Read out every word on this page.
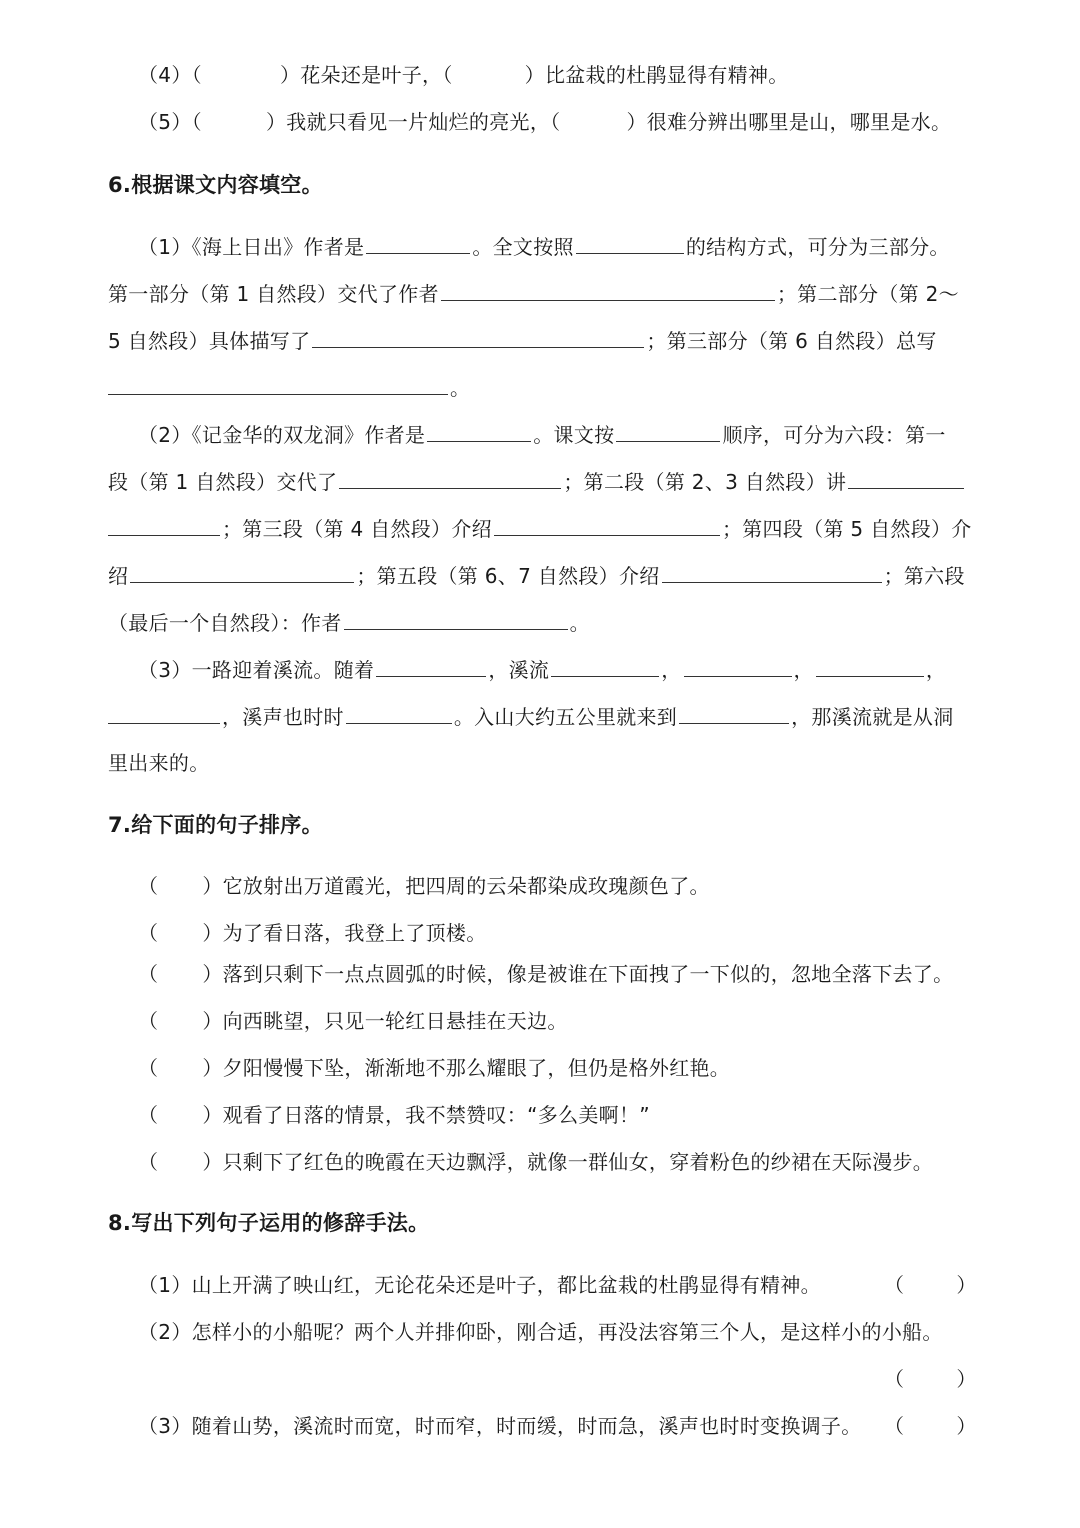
（4）（	）花朵还是叶子，（	）比盆栽的杜鹃显得有精神。
（5）（	）我就只看见一片灿烂的亮光，（	）很难分辨出哪里是山，哪里是水。
6.根据课文内容填空。
（1）《海上日出》作者是	。全文按照	的结构方式，可分为三部分。
第一部分（第 1 自然段）交代了作者	；第二部分（第 2～
5 自然段）具体描写了	；第三部分（第 6 自然段）总写
。
（2）《记金华的双龙洞》作者是	。课文按	顺序，可分为六段：第一
段（第 1 自然段）交代了	；第二段（第 2、3 自然段）讲
；第三段（第 4 自然段）介绍	；第四段（第 5 自然段）介
绍	；第五段（第 6、7 自然段）介绍	；第六段
（最后一个自然段）：作者	。
（3）一路迎着溪流。随着	，溪流	，	，	，
，溪声也时时	。入山大约五公里就来到	，那溪流就是从洞
里出来的。
7.给下面的句子排序。
（ ）它放射出万道霞光，把四周的云朵都染成玫瑰颜色了。
（ ）为了看日落，我登上了顶楼。
（ ）落到只剩下一点点圆弧的时候，像是被谁在下面拽了一下似的，忽地全落下去了。
（ ）向西眺望，只见一轮红日悬挂在天边。
（ ）夕阳慢慢下坠，渐渐地不那么耀眼了，但仍是格外红艳。
（ ）观看了日落的情景，我不禁赞叹：“多么美啊！”
（ ）只剩下了红色的晚霞在天边飘浮，就像一群仙女，穿着粉色的纱裙在天际漫步。
8.写出下列句子运用的修辞手法。
（1）山上开满了映山红，无论花朵还是叶子，都比盆栽的杜鹃显得有精神。	（	）
（2）怎样小的小船呢？两个人并排仰卧，刚合适，再没法容第三个人，是这样小的小船。
（	）
（3）随着山势，溪流时而宽，时而窄，时而缓，时而急，溪声也时时变换调子。 （	）
